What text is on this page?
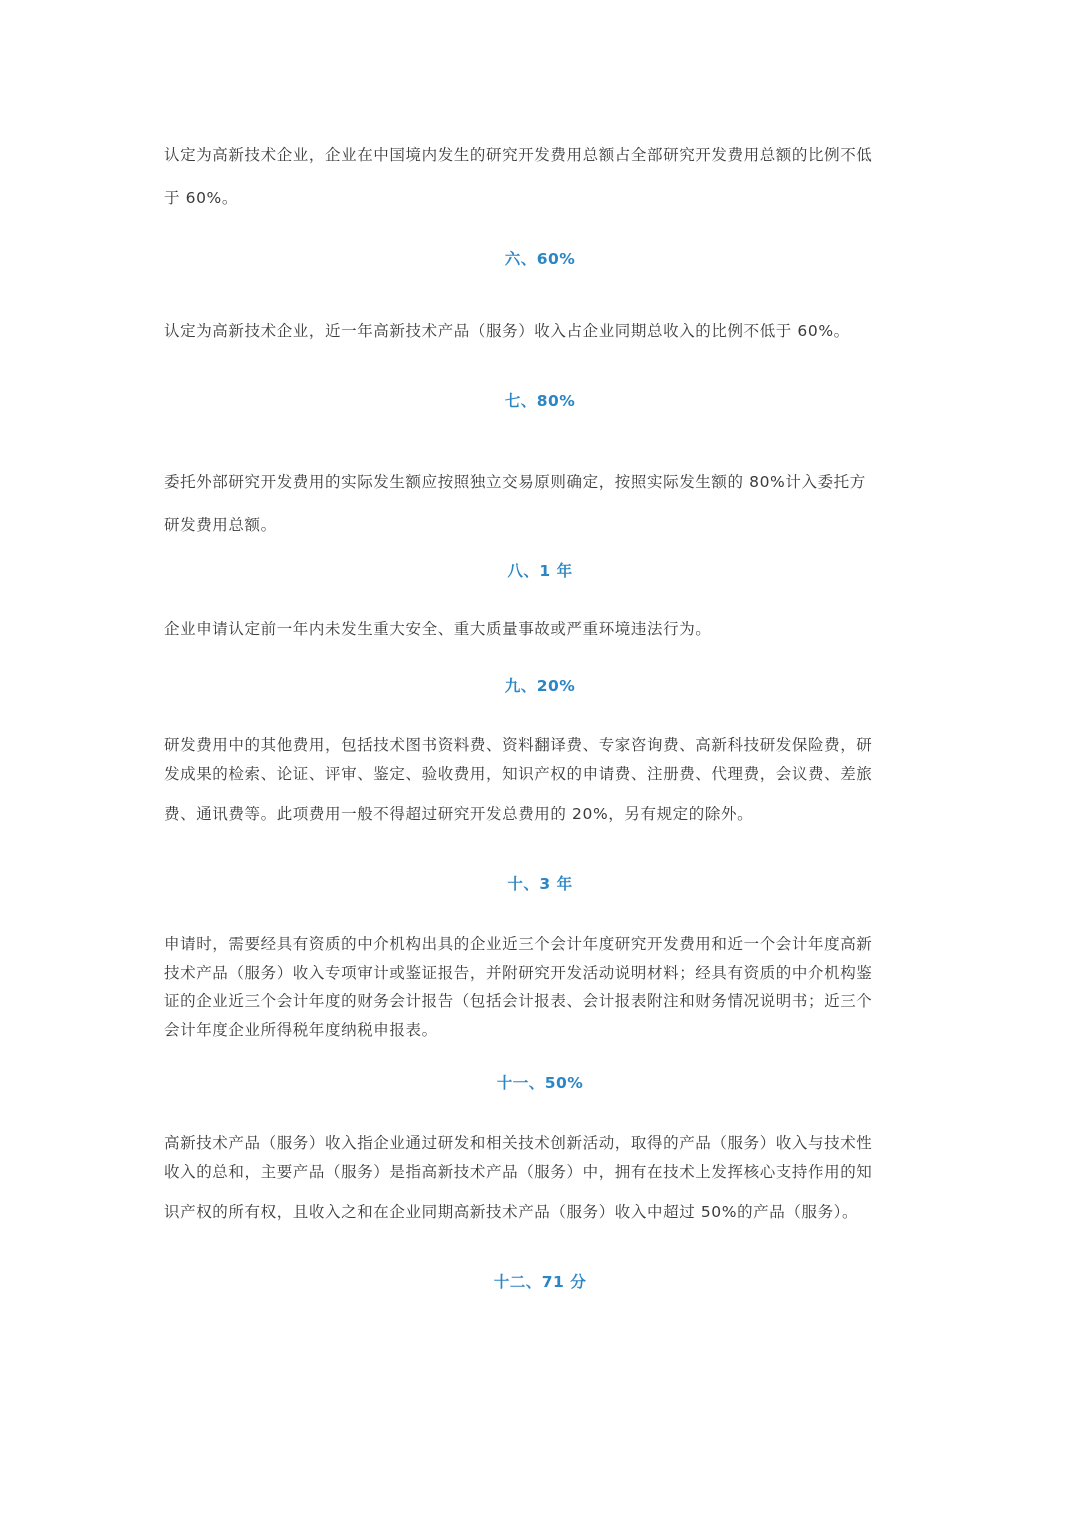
认定为高新技术企业，企业在中国境内发生的研究开发费用总额占全部研究开发费用总额的比例不低
于 60%。
六、60%
认定为高新技术企业，近一年高新技术产品（服务）收入占企业同期总收入的比例不低于 60%。
七、80%
委托外部研究开发费用的实际发生额应按照独立交易原则确定，按照实际发生额的 80%计入委托方
研发费用总额。
八、1 年
企业申请认定前一年内未发生重大安全、重大质量事故或严重环境违法行为。
九、20%
研发费用中的其他费用，包括技术图书资料费、资料翻译费、专家咨询费、高新科技研发保险费，研
发成果的检索、论证、评审、鉴定、验收费用，知识产权的申请费、注册费、代理费，会议费、差旅
费、通讯费等。此项费用一般不得超过研究开发总费用的 20%，另有规定的除外。
十、3 年
申请时，需要经具有资质的中介机构出具的企业近三个会计年度研究开发费用和近一个会计年度高新
技术产品（服务）收入专项审计或鉴证报告，并附研究开发活动说明材料；经具有资质的中介机构鉴
证的企业近三个会计年度的财务会计报告（包括会计报表、会计报表附注和财务情况说明书；近三个
会计年度企业所得税年度纳税申报表。
十一、50%
高新技术产品（服务）收入指企业通过研发和相关技术创新活动，取得的产品（服务）收入与技术性
收入的总和，主要产品（服务）是指高新技术产品（服务）中，拥有在技术上发挥核心支持作用的知
识产权的所有权，且收入之和在企业同期高新技术产品（服务）收入中超过 50%的产品（服务）。
十二、71 分
